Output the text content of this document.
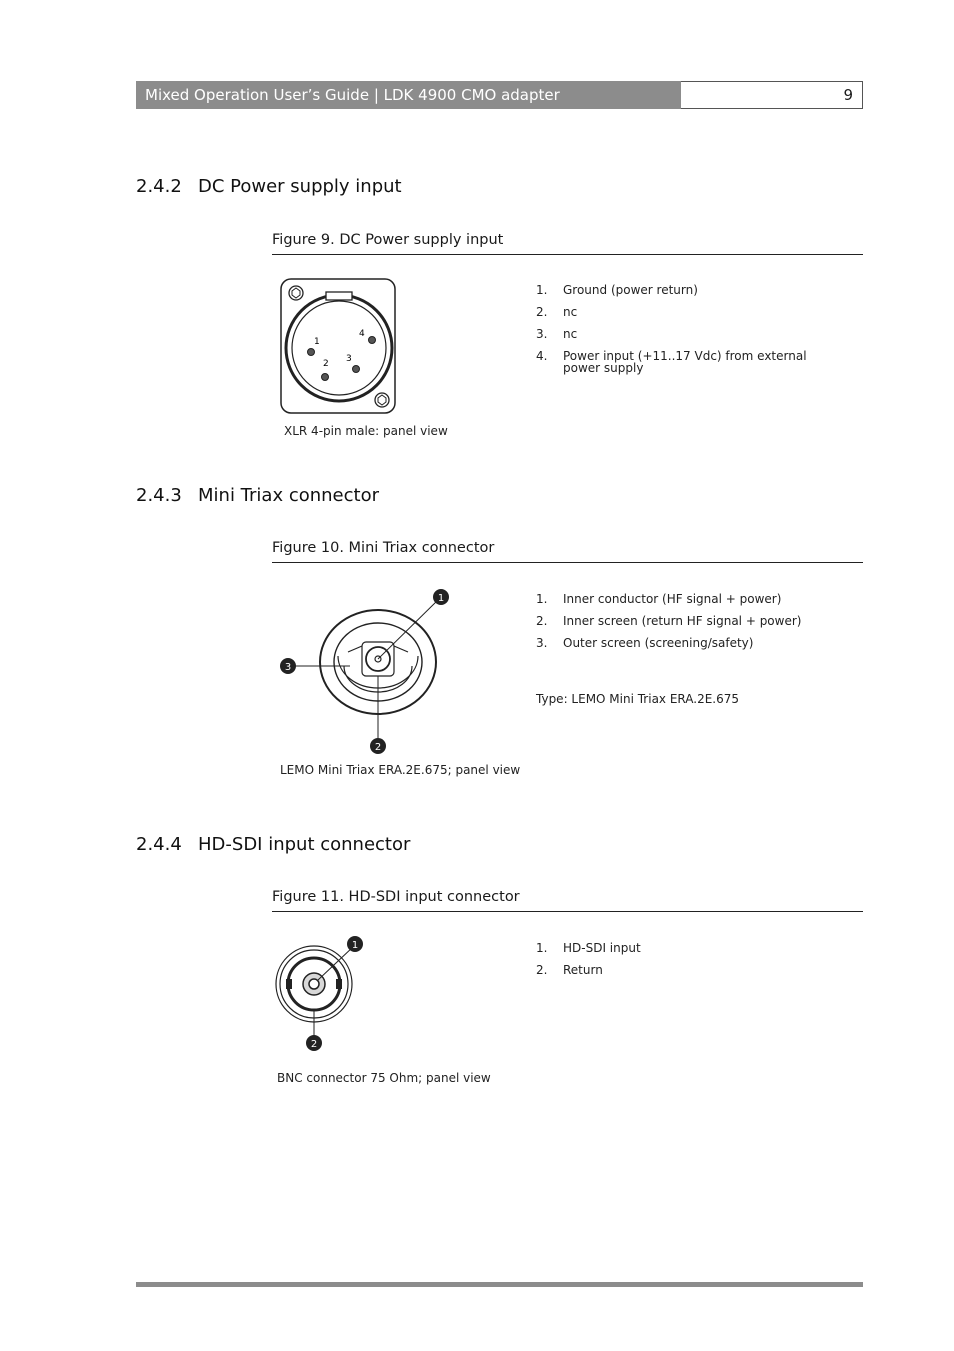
Mixed Operation User’s Guide | LDK 4900 CMO adapter	9
2.4.2 DC Power supply input
Figure 9. DC Power supply input
1
2 3
4
XLR 4-pin male: panel view
1.	Ground (power return)
2.	nc
3.	nc
4.	Power input (+11..17 Vdc) from external power supply
2.4.3 Mini Triax connector
Figure 10. Mini Triax connector
1
2
3
LEMO Mini Triax ERA.2E.675; panel view
1.	Inner conductor (HF signal + power)
2.	Inner screen (return HF signal + power)
3.	Outer screen (screening/safety)
Type: LEMO Mini Triax ERA.2E.675
2.4.4 HD-SDI input connector
Figure 11. HD-SDI input connector
1
2
BNC connector 75 Ohm; panel view
1.	HD-SDI input
2.	Return
